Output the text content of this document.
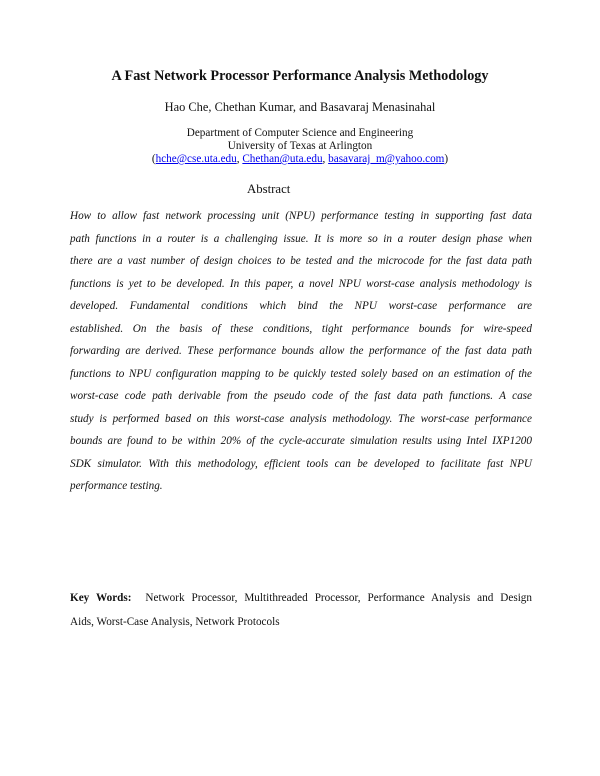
A Fast Network Processor Performance Analysis Methodology
Hao Che, Chethan Kumar, and Basavaraj Menasinahal
Department of Computer Science and Engineering
University of Texas at Arlington
(hche@cse.uta.edu, Chethan@uta.edu, basavaraj_m@yahoo.com)
Abstract
How to allow fast network processing unit (NPU) performance testing in supporting fast data
path functions in a router is a challenging issue. It is more so in a router design phase when
there are a vast number of design choices to be tested and the microcode for the fast data path
functions is yet to be developed. In this paper, a novel NPU worst-case analysis methodology is
developed. Fundamental conditions which bind the NPU worst-case performance are
established. On the basis of these conditions, tight performance bounds for wire-speed
forwarding are derived. These performance bounds allow the performance of the fast data path
functions to NPU configuration mapping to be quickly tested solely based on an estimation of the
worst-case code path derivable from the pseudo code of the fast data path functions. A case
study is performed based on this worst-case analysis methodology. The worst-case performance
bounds are found to be within 20% of the cycle-accurate simulation results using Intel IXP1200
SDK simulator. With this methodology, efficient tools can be developed to facilitate fast NPU
performance testing.
Key Words: Network Processor, Multithreaded Processor, Performance Analysis and Design
Aids, Worst-Case Analysis, Network Protocols
